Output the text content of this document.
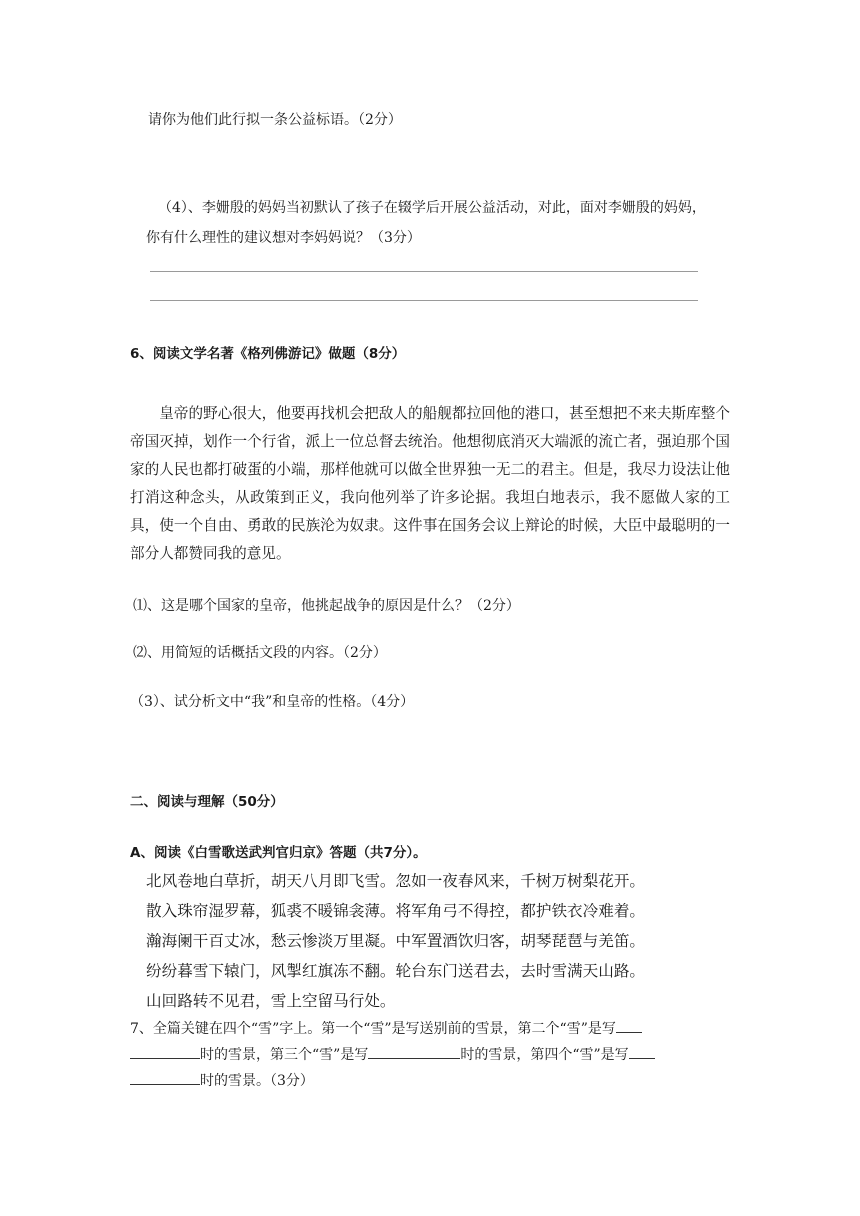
请你为他们此行拟一条公益标语。（2分）
（4）、李姗殷的妈妈当初默认了孩子在辍学后开展公益活动，对此，面对李姗殷的妈妈，
你有什么理性的建议想对李妈妈说？（3分）
6、阅读文学名著《格列佛游记》做题（8分）

皇帝的野心很大，他要再找机会把敌人的船舰都拉回他的港口，甚至想把不来夫斯库整个帝国灭掉，划作一个行省，派上一位总督去统治。他想彻底消灭大端派的流亡者，强迫那个国家的人民也都打破蛋的小端，那样他就可以做全世界独一无二的君主。但是，我尽力设法让他打消这种念头，从政策到正义，我向他列举了许多论据。我坦白地表示，我不愿做人家的工具，使一个自由、勇敢的民族沦为奴隶。这件事在国务会议上辩论的时候，大臣中最聪明的一部分人都赞同我的意见。

⑴、这是哪个国家的皇帝，他挑起战争的原因是什么？（2分）
⑵、用简短的话概括文段的内容。（2分）
（3）、试分析文中“我”和皇帝的性格。（4分）
二、阅读与理解（50分）
A、阅读《白雪歌送武判官归京》答题（共7分）。
北风卷地白草折，胡天八月即飞雪。忽如一夜春风来，千树万树梨花开。
散入珠帘湿罗幕，狐裘不暖锦衾薄。将军角弓不得控，都护铁衣冷难着。
瀚海阑干百丈冰，愁云惨淡万里凝。中军置酒饮归客，胡琴琵琶与羌笛。
纷纷暮雪下辕门，风掣红旗冻不翻。轮台东门送君去，去时雪满天山路。
山回路转不见君，雪上空留马行处。
7、全篇关键在四个“雪”字上。第一个“雪”是写送别前的雪景，第二个“雪”是写
时的雪景，第三个“雪”是写	时的雪景，第四个“雪”是写
时的雪景。（3分）
